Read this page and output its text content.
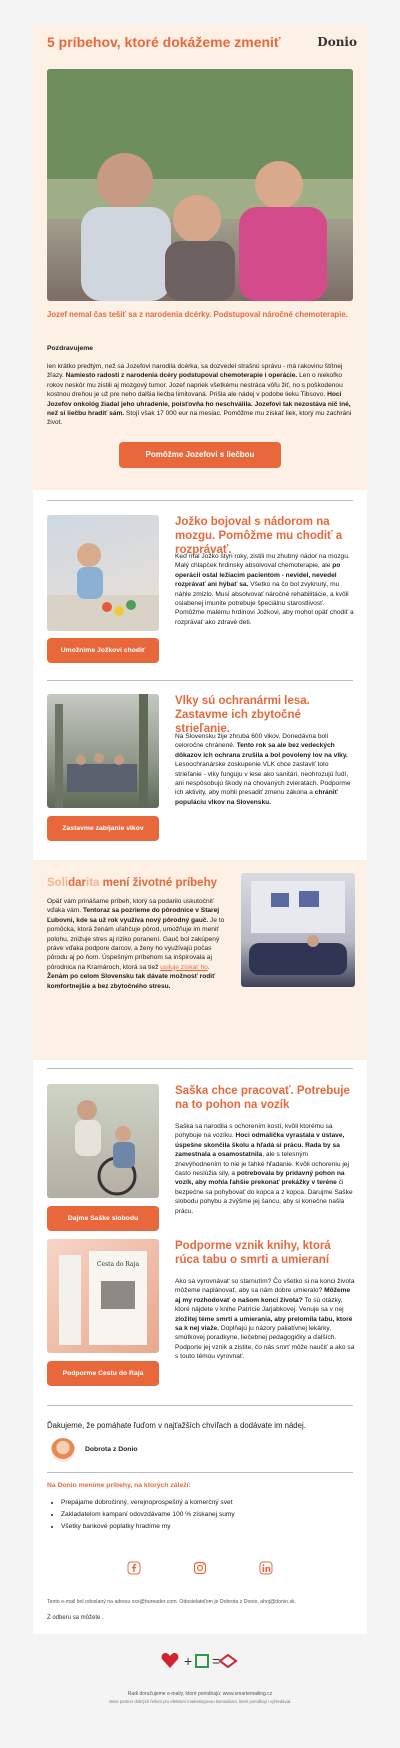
5 príbehov, ktoré dokážeme zmeniť	Donio
Jozef nemal čas tešiť sa z narodenia dcérky. Podstupoval náročné chemoterapie.
Pozdravujeme

len krátko predtým, než sa Jozefovi narodila dcérka, sa dozvedel strašnú správu - má rakovinu štítnej žľazy. Namiesto radosti z narodenia dcéry podstupoval chemoterapie i operácie. Len o niekoľko rokov neskôr mu zistili aj mozgový tumor. Jozef napriek všetkému nestráca vôľu žiť, no s poškodenou kostnou dreňou je už pre neho dalšia liečba limitovaná. Prišla ale nádej v podobe lieku Tibsovo. Hoci Jozefov onkológ žiadal jeho uhradenie, poisťovňa ho neschválila. Jozefovi tak nezostáva nič iné, než si liečbu hradiť sám. Stojí však 17 000 eur na mesiac. Pomôžme mu získať liek, ktorý mu zachráni život.

Pomôžme Jozefovi s liečbou
Umožnime Jožkovi chodiť
Jožko bojoval s nádorom na mozgu. Pomôžme mu chodiť a rozprávať.

Keď mal Jožko štyri roky, zistili mu zhubný nádor na mozgu. Malý chlapček hrdinsky absolvoval chemoterapie, ale po operácii ostal ležiacim pacientom - nevidel, nevedel rozprávať ani hýbať sa. Všetko na čo bol zvyknutý, mu náhle zmizlo. Musí absolvovať náročné rehabilitácie, a kvôli oslabenej imunite potrebuje špeciálnu starostlivosť. Pomôžme malému hrdinovi Jožkovi, aby mohol opäť chodiť a rozprávať ako zdravé deti.

Zastavme zabíjanie vlkov
Vlky sú ochranármi lesa. Zastavme ich zbytočné strieľanie.

Na Slovensku žije zhruba 600 vlkov. Donedávna boli celoročne chránené. Tento rok sa ale bez vedeckých dôkazov ich ochrana zrušila a bol povolený lov na vlky. Lesoochranárske zoskupenie VLK chce zastaviť toto strieľanie - vlky funguju v lese ako sanitári, neohrozujú ľudí, ani nespôsobujú škody na chovaných zvieratách. Podporme ich aktivity, aby mohli presadiť zmenu zákona a chrániť populáciu vlkov na Slovensku.

Solidarita mení životné príbehy

Opäť vám prinášame príbeh, ktorý sa podarilo uskutočniť vďaka vám. Tentoraz sa pozrieme do pôrodnice v Starej Ľubovni, kde sa už rok využíva nový pôrodný gauč. Je to pomôcka, ktorá ženám uľahčuje pôrod, umožňuje im meniť polohu, znižuje stres aj riziko poranení. Gauč bol zakúpený práve vďaka podpore darcov, a ženy ho využívajú počas pôrodu aj po ňom. Úspešným príbehom sa inšpirovala aj pôrodnica na Kramároch, ktorá sa tiež usiluje získať ho. Ženám po celom Slovensku tak dávate možnosť rodiť komfortnejšie a bez zbytočného stresu.

Dajme Saške slobodu
Saška chce pracovať. Potrebuje na to pohon na vozík

Saška sa narodila s ochorením kostí, kvôli ktorému sa pohybuje na vozíku. Hoci odmalička vyrastala v ústave, úspešne skončila školu a hľadá si prácu. Rada by sa zamestnala a osamostatnila, ale s telesným znevýhodnením to nie je ľahké hľadanie. Kvôli ochoreniu jej často neslúžia sily, a potrebovala by prídavný pohon na vozík, aby mohla ľahšie prekonať prekážky v teréne či bezpečne sa pohybovať do kopca a z kopca. Darujme Saške slobodu pohybu a zvýšme jej šancu, aby si konečne našla prácu.

Cesta do Raja
Podporme Cestu do Raja
Podporme vznik knihy, ktorá rúca tabu o smrti a umieraní

Ako sa vyrovnávať so starnutím? Čo všetko si na konci života môžeme naplánovať, aby sa nám dobre umieralo? Môžeme aj my rozhodovať o našom konci života? To sú otázky, ktoré nájdete v knihe Patrície Jarjabkovej. Venuje sa v nej zložitej téme smrti a umierania, aby prelomila tabu, ktoré sa k nej viaže. Doplňajú ju názory paliatívnej lekárky, smútkovej poradkyne, liečebnej pedagogičky a ďalších. Podporte jej vznik a zistite, čo nás smrť môže naučiť a ako sa s touto témou vyrovnať.

Ďakujeme, že pomáhate ľuďom v najťažších chvíľach a dodávate im nádej.
Dobrota z Donio
Na Donio menime príbehy, na ktorých záleží:
• Prepájame dobročinný, verejnoprospešný a komerčný svet
• Zakladatelom kampaní odovzdávame 100 % získanej sumy
• Všetky bankové poplatky hradíme my

Tento e-mail bol odoslaný na adresu xxx@bureader.com. Odosielateľom je Dobrota z Donio, ahoj@donio.sk.
Z odberu sa môžete .
+ =
Radi doručujeme e-maily, ktoré pomáhajú: www.smartemailing.cz
Jsme partner dobrých řešení pro efektivní marketingovou komunikaci, které pomáhají i vyhledávat.
